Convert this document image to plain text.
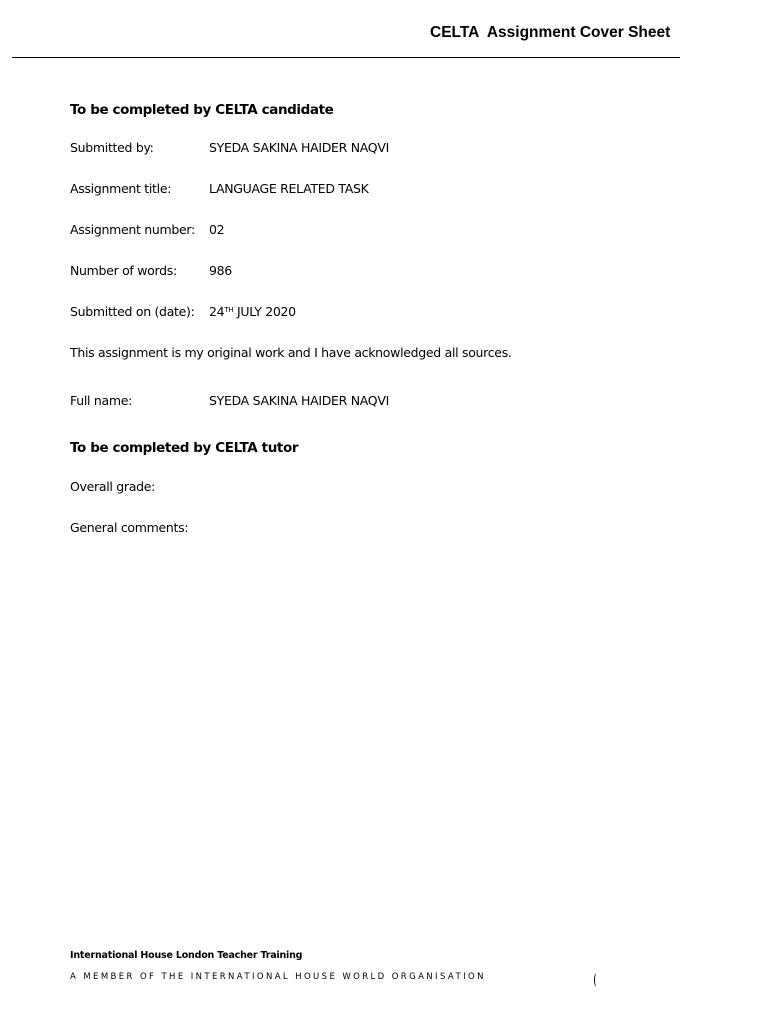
CELTA  Assignment Cover Sheet
To be completed by CELTA candidate
Submitted by:	SYEDA SAKINA HAIDER NAQVI
Assignment title:	LANGUAGE RELATED TASK
Assignment number: 02
Number of words:	986
Submitted on (date): 24TH JULY 2020
This assignment is my original work and I have acknowledged all sources.
Full name:	SYEDA SAKINA HAIDER NAQVI
To be completed by CELTA tutor
Overall grade:
General comments:
International House London Teacher Training
A MEMBER OF THE INTERNATIONAL HOUSE WORLD ORGANISATION
